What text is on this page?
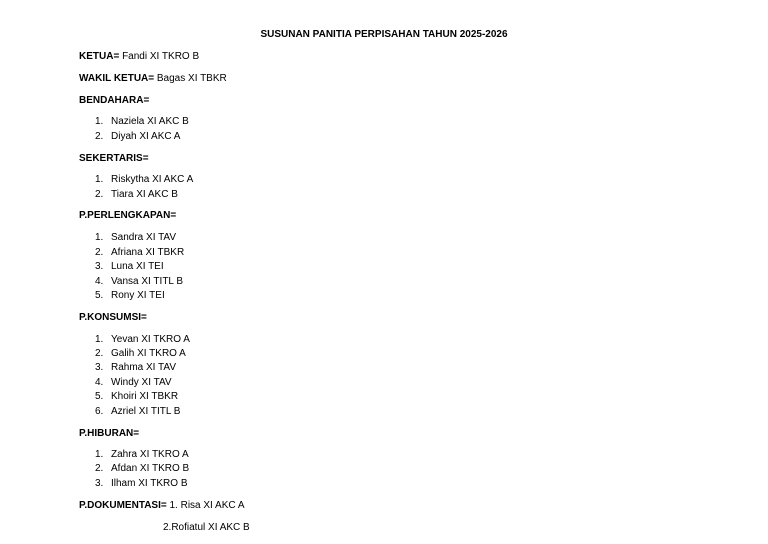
SUSUNAN PANITIA PERPISAHAN TAHUN 2025-2026
KETUA= Fandi XI TKRO B
WAKIL KETUA= Bagas XI TBKR
BENDAHARA=
1. Naziela XI AKC B
2. Diyah XI AKC A
SEKERTARIS=
1. Riskytha XI AKC A
2. Tiara XI AKC B
P.PERLENGKAPAN=
1. Sandra XI TAV
2. Afriana XI TBKR
3. Luna XI TEI
4. Vansa XI TITL B
5. Rony XI TEI
P.KONSUMSI=
1. Yevan XI TKRO A
2. Galih XI TKRO A
3. Rahma XI TAV
4. Windy XI TAV
5. Khoiri XI TBKR
6. Azriel XI TITL B
P.HIBURAN=
1. Zahra XI TKRO A
2. Afdan XI TKRO B
3. Ilham XI TKRO B
P.DOKUMENTASI= 1. Risa XI AKC A
2.Rofiatul XI AKC B
